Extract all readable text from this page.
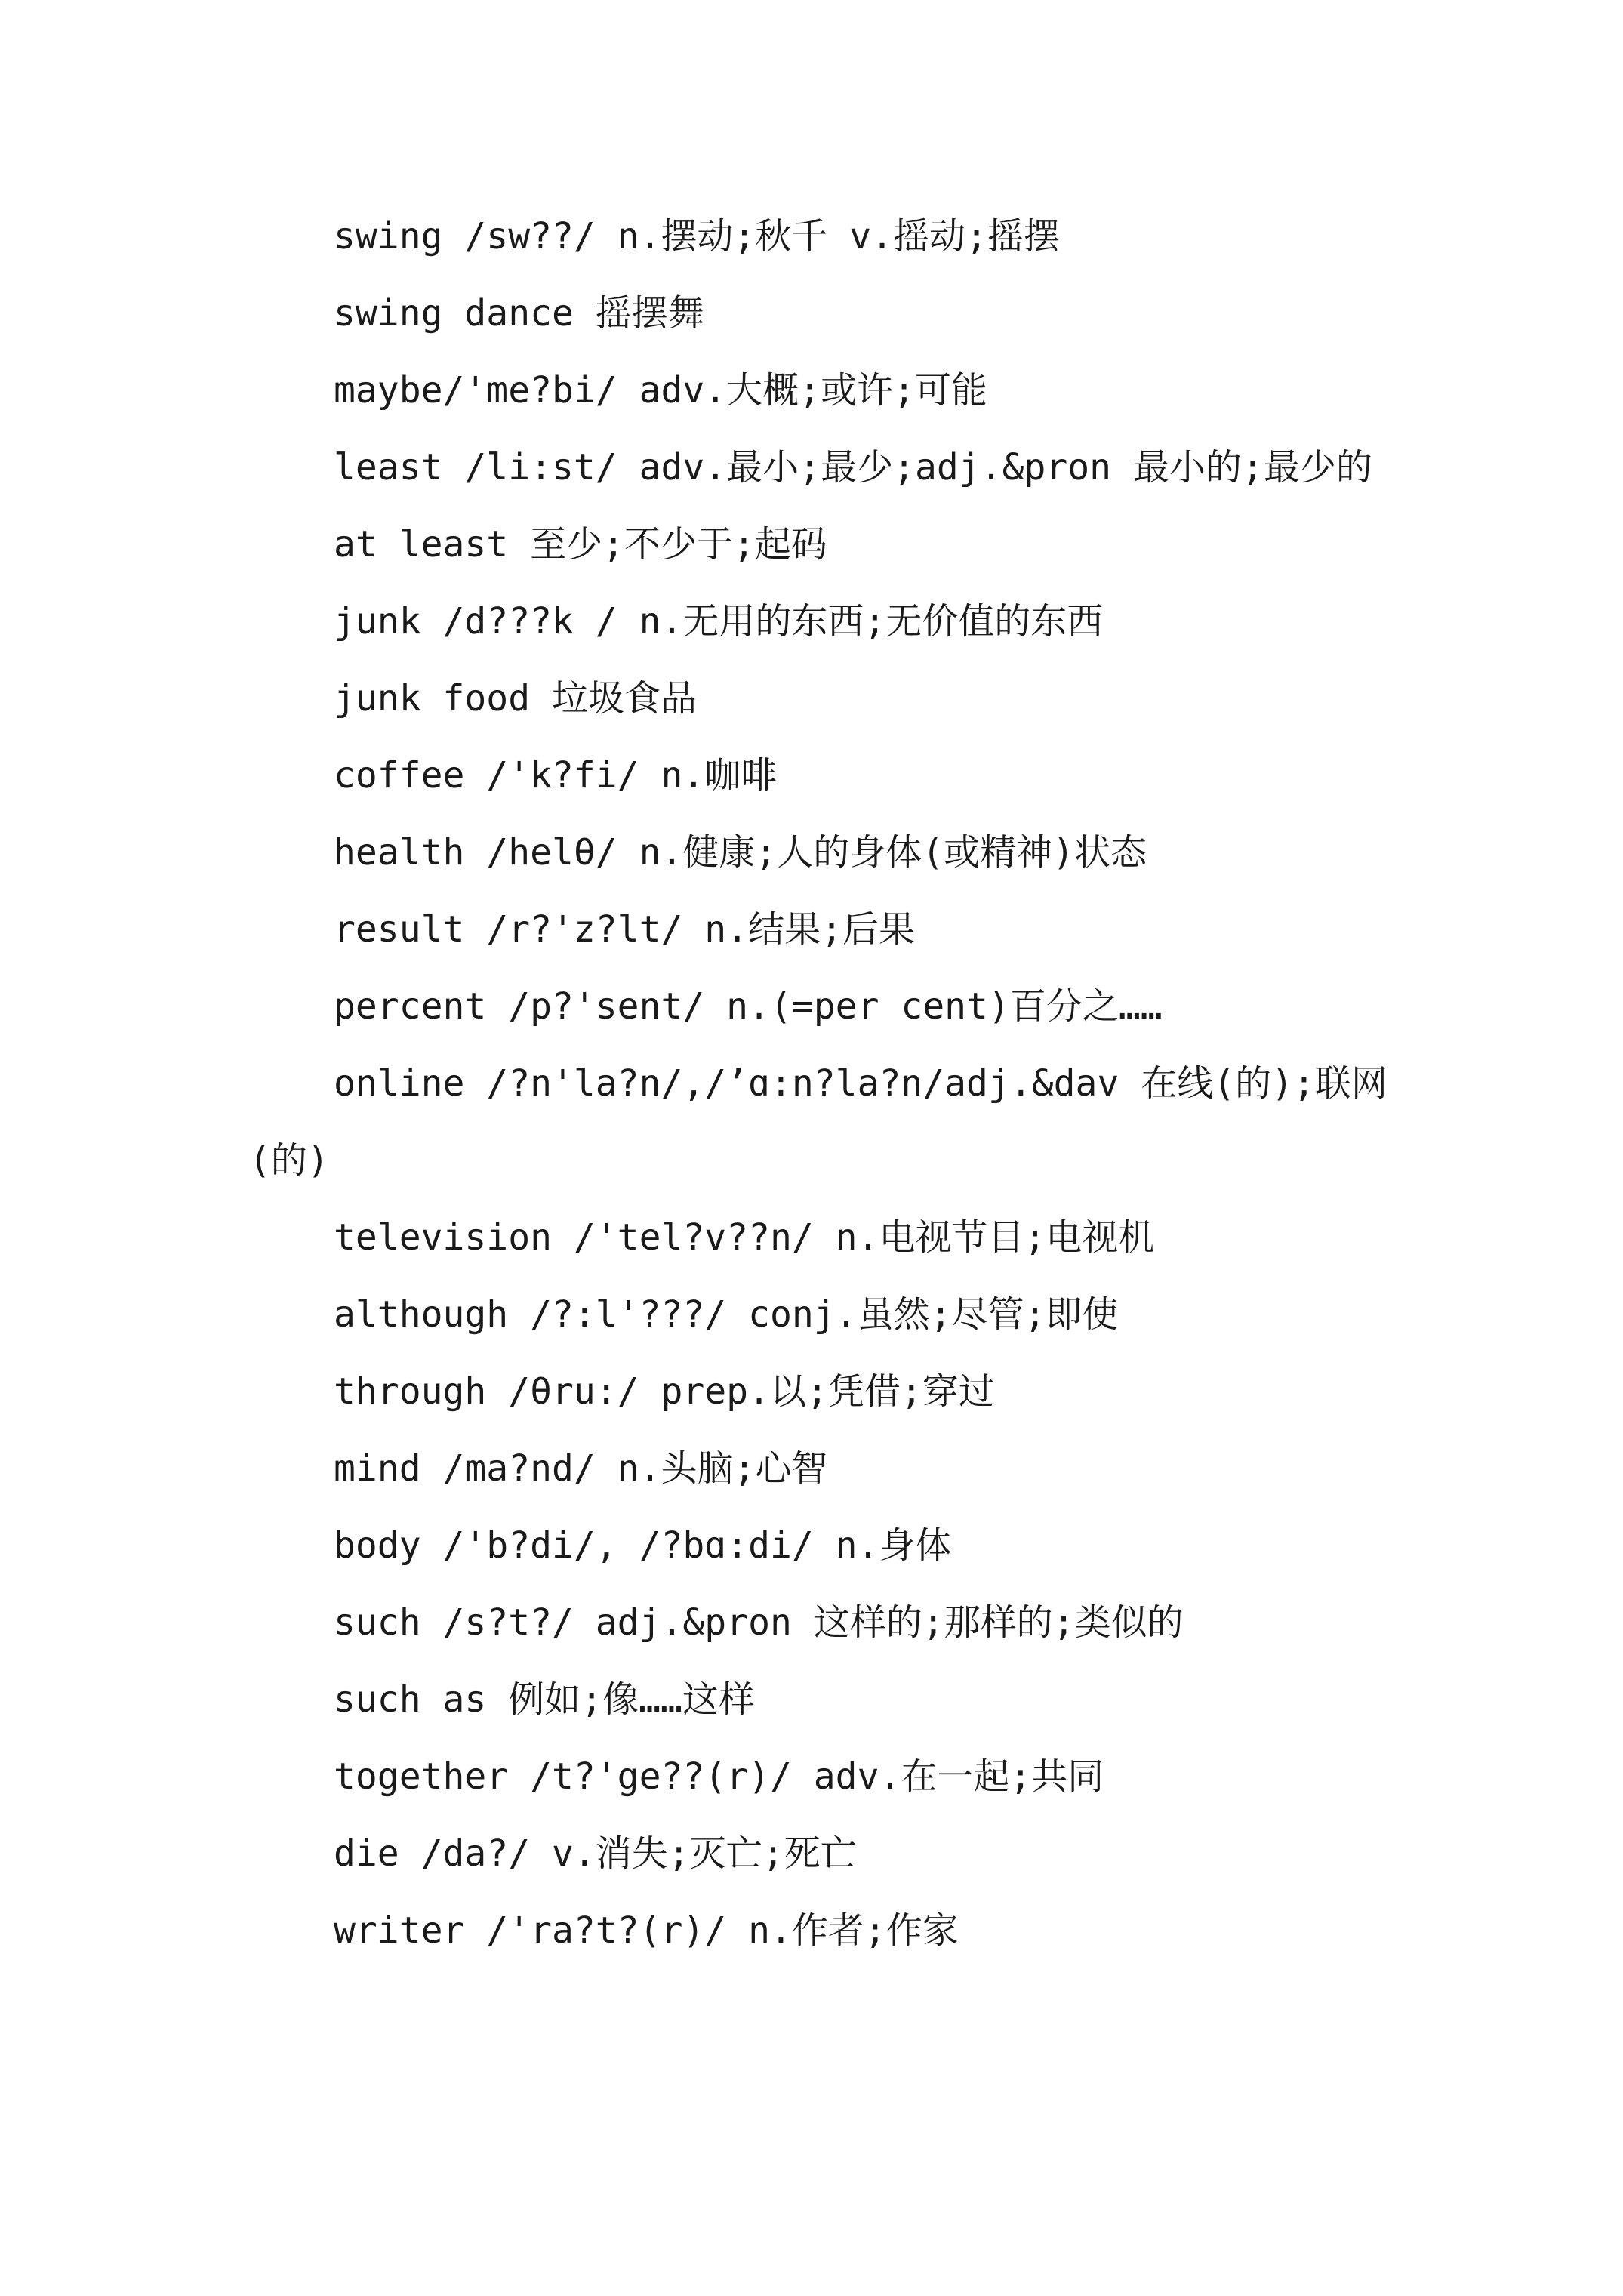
swing /sw??/ n.摆动;秋千 v.摇动;摇摆

swing dance 摇摆舞

maybe/'me?bi/ adv.大概;或许;可能

least /li:st/ adv.最小;最少;adj.&pron 最小的;最少的

at least 至少;不少于;起码

junk /d???k / n.无用的东西;无价值的东西

junk food 垃圾食品

coffee /'k?fi/ n.咖啡

health /helθ/ n.健康;人的身体(或精神)状态

result /r?'z?lt/ n.结果;后果

percent /p?'sent/ n.(=per cent)百分之……

online /?n'la?n/,/’ɑ:n?la?n/adj.&dav 在线(的);联网(的)

television /'tel?v??n/ n.电视节目;电视机

although /?:l'???/ conj.虽然;尽管;即使

through /θru:/ prep.以;凭借;穿过

mind /ma?nd/ n.头脑;心智

body /'b?di/, /?bɑ:di/ n.身体

such /s?t?/ adj.&pron 这样的;那样的;类似的

such as 例如;像……这样

together /t?'ge??(r)/ adv.在一起;共同

die /da?/ v.消失;灭亡;死亡

writer /'ra?t?(r)/ n.作者;作家
